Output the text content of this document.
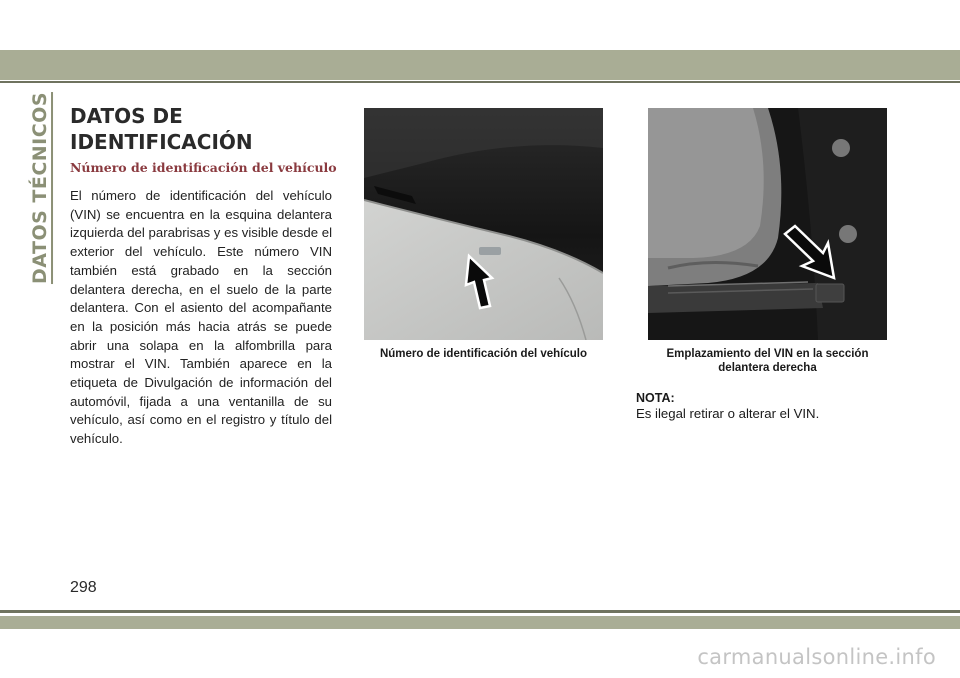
DATOS TÉCNICOS DATOS DE IDENTIFICACIÓN
Número de identificación del vehículo

El número de identificación del vehículo (VIN) se encuentra en la esquina delantera izquierda del parabrisas y es visible desde el exterior del vehículo. Este número VIN también está grabado en la sección delantera derecha, en el suelo de la parte delantera. Con el asiento del acompañante en la posición más hacia atrás se puede abrir una solapa en la alfombrilla para mostrar el VIN. También aparece en la etiqueta de Divulgación de información del automóvil, fijada a una ventanilla de su vehículo, así como en el registro y título del vehículo.

Número de identificación del vehículo	Emplazamiento del VIN en la sección delantera derecha

NOTA:

Es ilegal retirar o alterar el VIN.

298

carmanualsonline.info
